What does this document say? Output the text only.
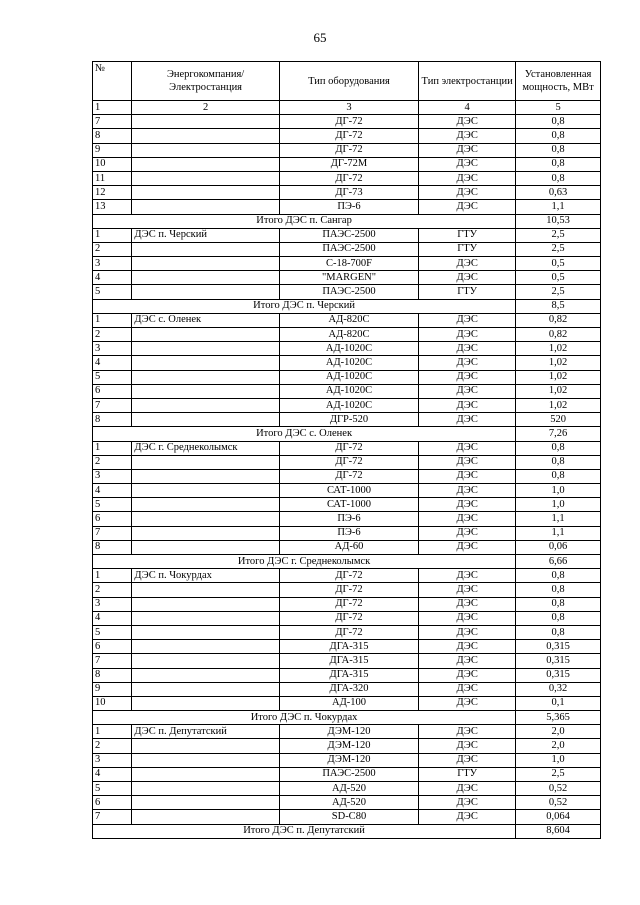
65
№	Энергокомпания/ Электростанция	Тип оборудования	Тип электростанции	Установленная мощность, МВт
1	2	3	4	5
7		ДГ-72	ДЭС	0,8
8		ДГ-72	ДЭС	0,8
9		ДГ-72	ДЭС	0,8
10		ДГ-72М	ДЭС	0,8
11		ДГ-72	ДЭС	0,8
12		ДГ-73	ДЭС	0,63
13		ПЭ-6	ДЭС	1,1
Итого ДЭС п. Сангар				10,53
1	ДЭС п. Черский	ПАЭС-2500	ГТУ	2,5
2		ПАЭС-2500	ГТУ	2,5
3		С-18-700F	ДЭС	0,5
4		"MARGEN"	ДЭС	0,5
5		ПАЭС-2500	ГТУ	2,5
Итого ДЭС п. Черский				8,5
1	ДЭС с. Оленек	АД-820С	ДЭС	0,82
2		АД-820С	ДЭС	0,82
3		АД-1020С	ДЭС	1,02
4		АД-1020С	ДЭС	1,02
5		АД-1020С	ДЭС	1,02
6		АД-1020С	ДЭС	1,02
7		АД-1020С	ДЭС	1,02
8		ДГР-520	ДЭС	520
Итого ДЭС с. Оленек				7,26
1	ДЭС г. Среднеколымск	ДГ-72	ДЭС	0,8
2		ДГ-72	ДЭС	0,8
3		ДГ-72	ДЭС	0,8
4		САТ-1000	ДЭС	1,0
5		САТ-1000	ДЭС	1,0
6		ПЭ-6	ДЭС	1,1
7		ПЭ-6	ДЭС	1,1
8		АД-60	ДЭС	0,06
Итого ДЭС г. Среднеколымск				6,66
1	ДЭС п. Чокурдах	ДГ-72	ДЭС	0,8
2		ДГ-72	ДЭС	0,8
3		ДГ-72	ДЭС	0,8
4		ДГ-72	ДЭС	0,8
5		ДГ-72	ДЭС	0,8
6		ДГА-315	ДЭС	0,315
7		ДГА-315	ДЭС	0,315
8		ДГА-315	ДЭС	0,315
9		ДГА-320	ДЭС	0,32
10		АД-100	ДЭС	0,1
Итого ДЭС п. Чокурдах				5,365
1	ДЭС п. Депутатский	ДЭМ-120	ДЭС	2,0
2		ДЭМ-120	ДЭС	2,0
3		ДЭМ-120	ДЭС	1,0
4		ПАЭС-2500	ГТУ	2,5
5		АД-520	ДЭС	0,52
6		АД-520	ДЭС	0,52
7		SD-C80	ДЭС	0,064
Итого ДЭС п. Депутатский				8,604
